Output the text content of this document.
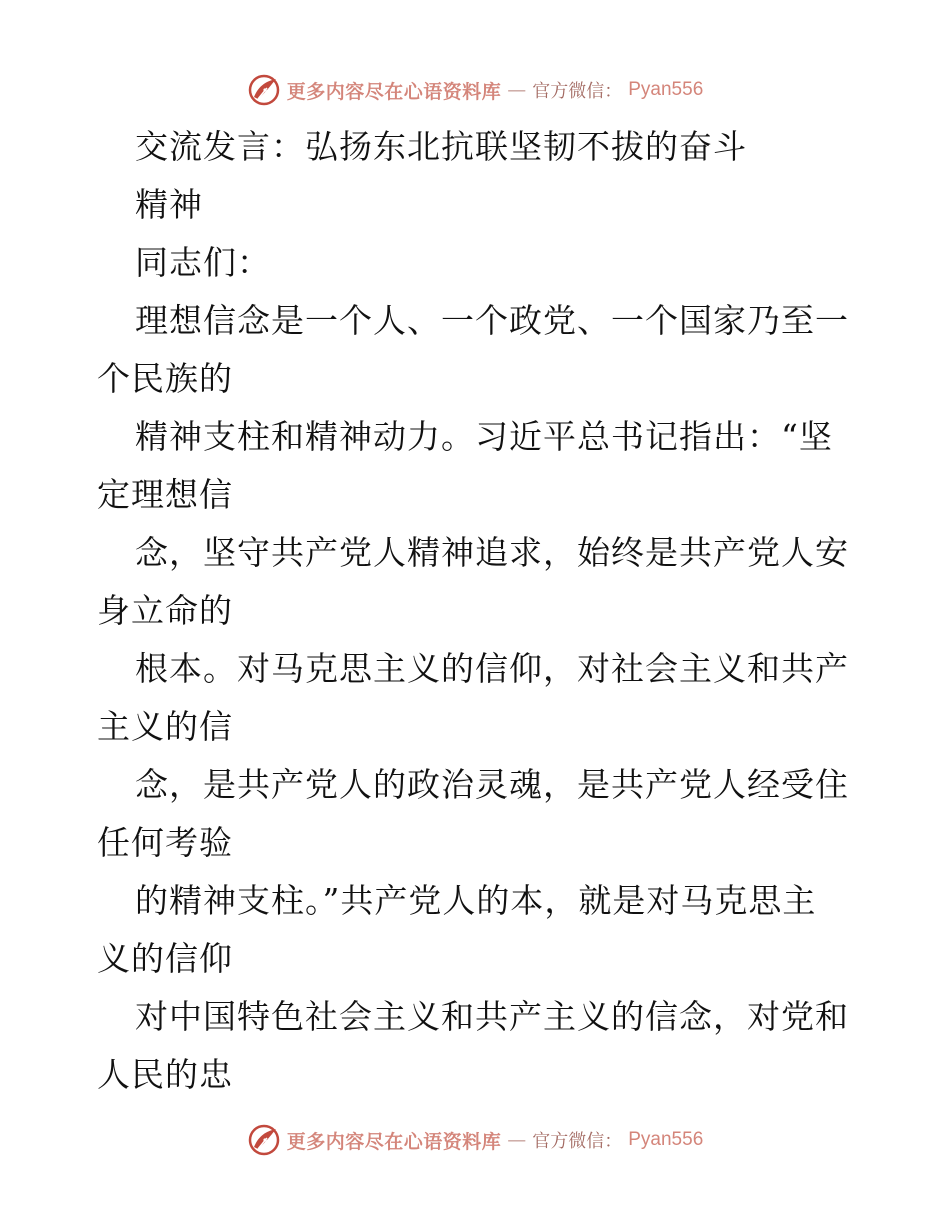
更多内容尽在心语资料库 — 官方微信： Pyan556
交流发言：弘扬东北抗联坚韧不拔的奋斗
精神
同志们：
理想信念是一个人、一个政党、一个国家乃至一
个民族的
精神支柱和精神动力。习近平总书记指出：“坚
定理想信
念，坚守共产党人精神追求，始终是共产党人安
身立命的
根本。对马克思主义的信仰，对社会主义和共产
主义的信
念，是共产党人的政治灵魂，是共产党人经受住
任何考验
的精神支柱。”共产党人的本，就是对马克思主
义的信仰
对中国特色社会主义和共产主义的信念，对党和
人民的忠
更多内容尽在心语资料库 — 官方微信： Pyan556
